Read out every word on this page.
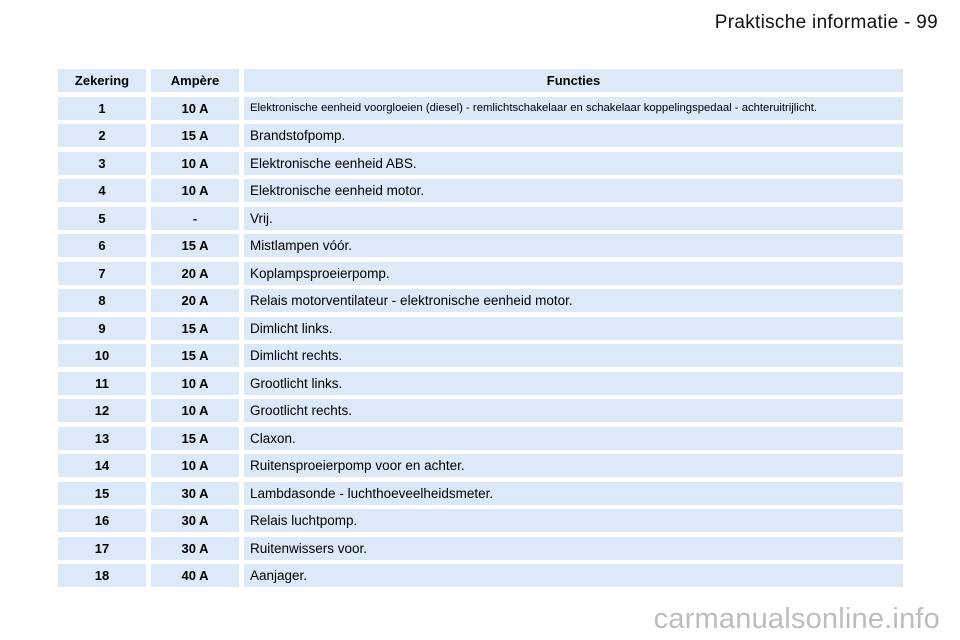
Praktische informatie - 99
Zekering	Ampère	Functies
1	10 A	Elektronische eenheid voorgloeien (diesel) - remlichtschakelaar en schakelaar koppelingspedaal - achteruitrijlicht.
2	15 A	Brandstofpomp.
3	10 A	Elektronische eenheid ABS.
4	10 A	Elektronische eenheid motor.
5	-	Vrij.
6	15 A	Mistlampen vóór.
7	20 A	Koplampsproeierpomp.
8	20 A	Relais motorventilateur - elektronische eenheid motor.
9	15 A	Dimlicht links.
10	15 A	Dimlicht rechts.
11	10 A	Grootlicht links.
12	10 A	Grootlicht rechts.
13	15 A	Claxon.
14	10 A	Ruitensproeierpomp voor en achter.
15	30 A	Lambdasonde - luchthoeveelheidsmeter.
16	30 A	Relais luchtpomp.
17	30 A	Ruitenwissers voor.
18	40 A	Aanjager.
carmanualsonline.info
